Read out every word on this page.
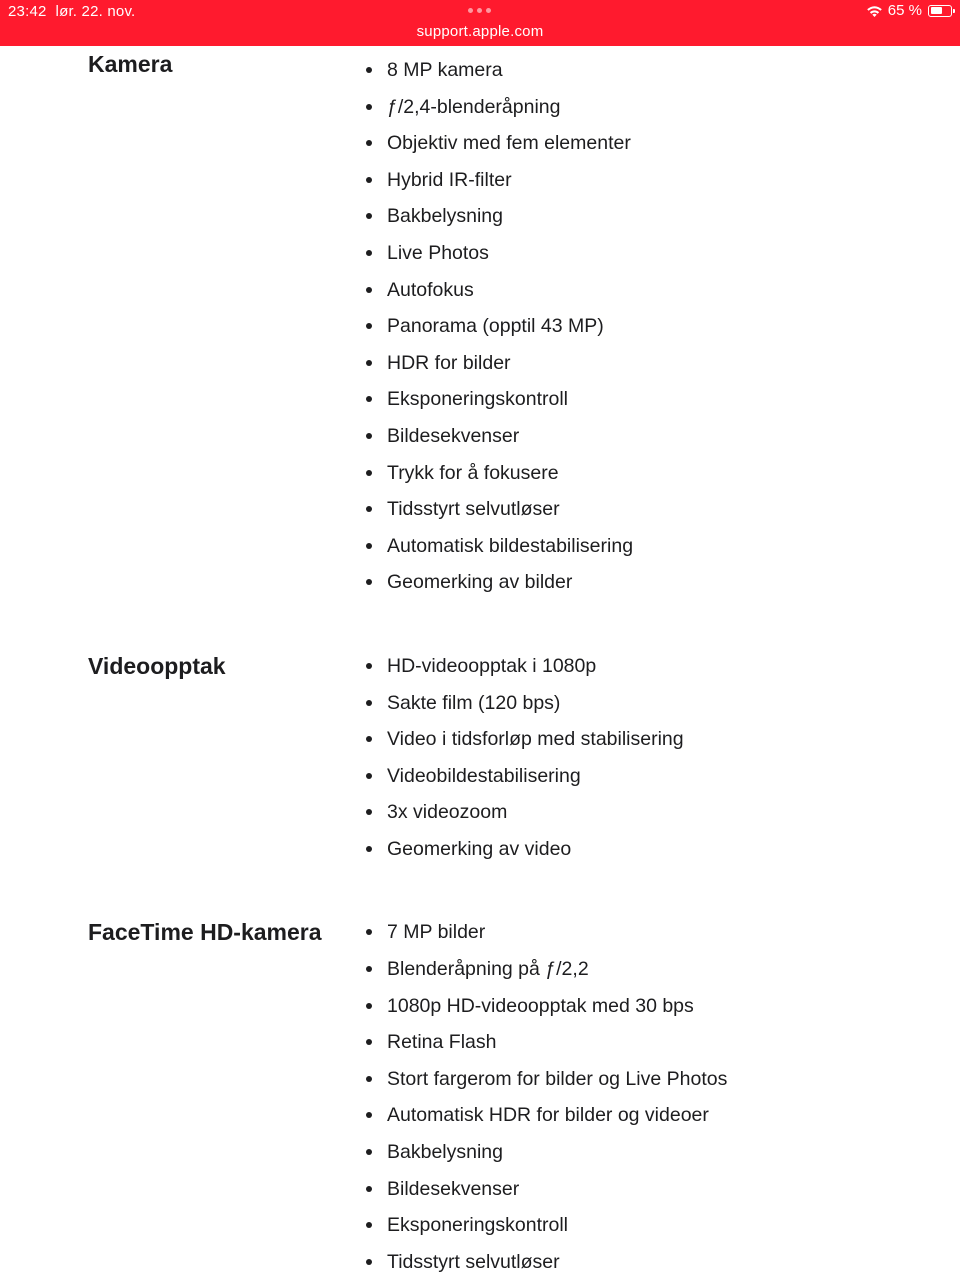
23:42 lør. 22. nov.
support.apple.com
65 %
Kamera	8 MP kamera
ƒ/2,4-blenderåpning
Objektiv med fem elementer
Hybrid IR-filter
Bakbelysning
Live Photos
Autofokus
Panorama (opptil 43 MP)
HDR for bilder
Eksponeringskontroll
Bildesekvenser
Trykk for å fokusere
Tidsstyrt selvutløser
Automatisk bildestabilisering
Geomerking av bilder
Videoopptak	HD-videoopptak i 1080p
Sakte film (120 bps)
Video i tidsforløp med stabilisering
Videobildestabilisering
3x videozoom
Geomerking av video
FaceTime HD-kamera	7 MP bilder
Blenderåpning på ƒ/2,2
1080p HD-videoopptak med 30 bps
Retina Flash
Stort fargerom for bilder og Live Photos
Automatisk HDR for bilder og videoer
Bakbelysning
Bildesekvenser
Eksponeringskontroll
Tidsstyrt selvutløser
